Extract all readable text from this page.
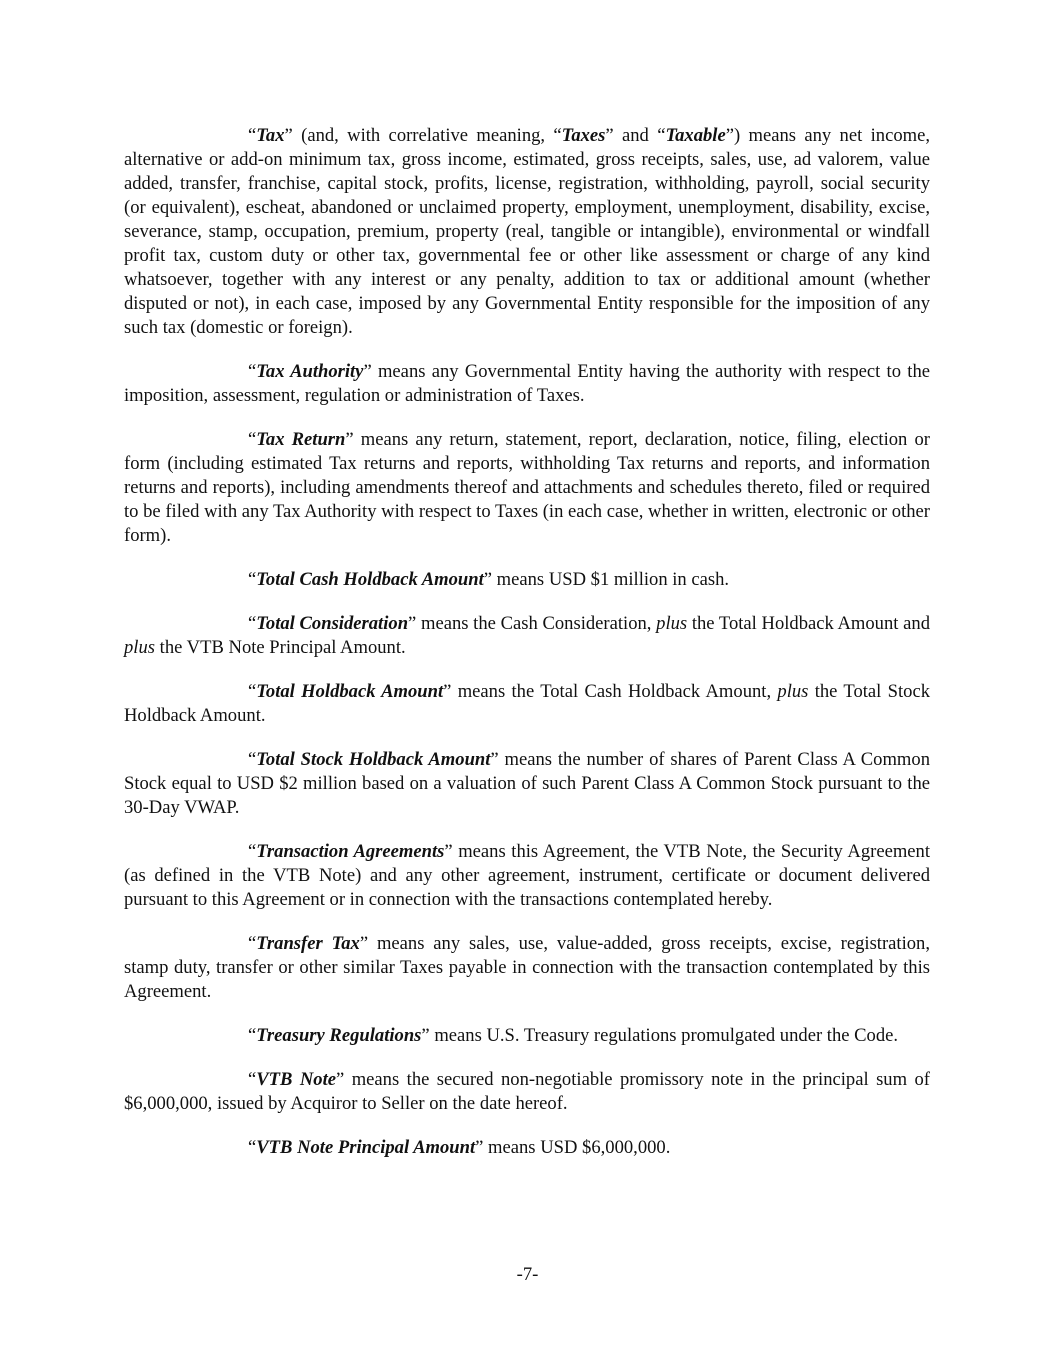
“Tax” (and, with correlative meaning, “Taxes” and “Taxable”) means any net income, alternative or add-on minimum tax, gross income, estimated, gross receipts, sales, use, ad valorem, value added, transfer, franchise, capital stock, profits, license, registration, withholding, payroll, social security (or equivalent), escheat, abandoned or unclaimed property, employment, unemployment, disability, excise, severance, stamp, occupation, premium, property (real, tangible or intangible), environmental or windfall profit tax, custom duty or other tax, governmental fee or other like assessment or charge of any kind whatsoever, together with any interest or any penalty, addition to tax or additional amount (whether disputed or not), in each case, imposed by any Governmental Entity responsible for the imposition of any such tax (domestic or foreign).

“Tax Authority” means any Governmental Entity having the authority with respect to the imposition, assessment, regulation or administration of Taxes.

“Tax Return” means any return, statement, report, declaration, notice, filing, election or form (including estimated Tax returns and reports, withholding Tax returns and reports, and information returns and reports), including amendments thereof and attachments and schedules thereto, filed or required to be filed with any Tax Authority with respect to Taxes (in each case, whether in written, electronic or other form).

“Total Cash Holdback Amount” means USD $1 million in cash.

“Total Consideration” means the Cash Consideration, plus the Total Holdback Amount and plus the VTB Note Principal Amount.

“Total Holdback Amount” means the Total Cash Holdback Amount, plus the Total Stock Holdback Amount.

“Total Stock Holdback Amount” means the number of shares of Parent Class A Common Stock equal to USD $2 million based on a valuation of such Parent Class A Common Stock pursuant to the 30-Day VWAP.

“Transaction Agreements” means this Agreement, the VTB Note, the Security Agreement (as defined in the VTB Note) and any other agreement, instrument, certificate or document delivered pursuant to this Agreement or in connection with the transactions contemplated hereby.

“Transfer Tax” means any sales, use, value-added, gross receipts, excise, registration, stamp duty, transfer or other similar Taxes payable in connection with the transaction contemplated by this Agreement.

“Treasury Regulations” means U.S. Treasury regulations promulgated under the Code.

“VTB Note” means the secured non-negotiable promissory note in the principal sum of $6,000,000, issued by Acquiror to Seller on the date hereof.

“VTB Note Principal Amount” means USD $6,000,000.

-7-
